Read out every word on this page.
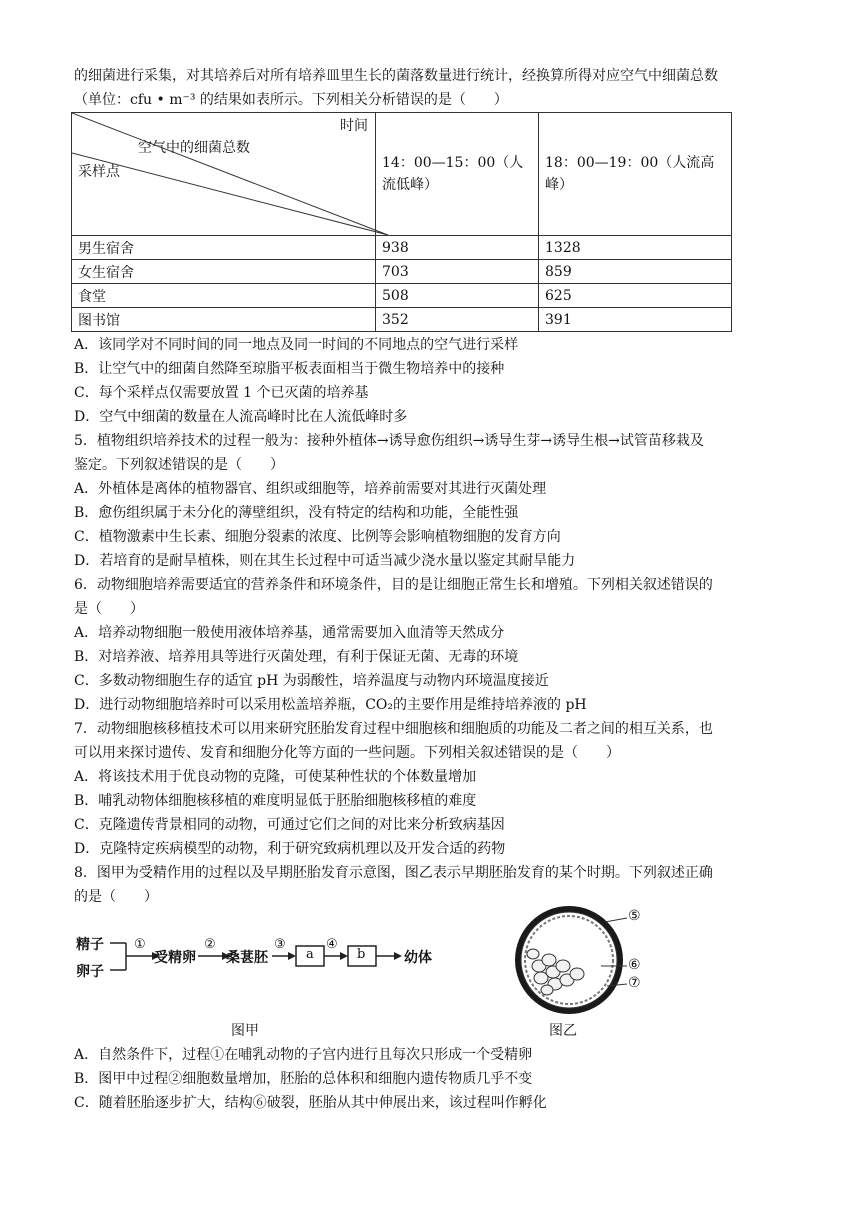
的细菌进行采集，对其培养后对所有培养皿里生长的菌落数量进行统计，经换算所得对应空气中细菌总数
（单位：cfu • m⁻³ 的结果如表所示。下列相关分析错误的是（　　）
时间
空气中的细菌总数
采样点	14：00—15：00（人流低峰）	18：00—19：00（人流高峰）

男生宿舍	938	1328
女生宿舍	703	859
食堂	508	625
图书馆	352	391
A．该同学对不同时间的同一地点及同一时间的不同地点的空气进行采样
B．让空气中的细菌自然降至琼脂平板表面相当于微生物培养中的接种
C．每个采样点仅需要放置 1 个已灭菌的培养基
D．空气中细菌的数量在人流高峰时比在人流低峰时多
5．植物组织培养技术的过程一般为：接种外植体→诱导愈伤组织→诱导生芽→诱导生根→试管苗移栽及
鉴定。下列叙述错误的是（　　）
A．外植体是离体的植物器官、组织或细胞等，培养前需要对其进行灭菌处理
B．愈伤组织属于未分化的薄壁组织，没有特定的结构和功能，全能性强
C．植物激素中生长素、细胞分裂素的浓度、比例等会影响植物细胞的发育方向
D．若培育的是耐旱植株，则在其生长过程中可适当减少浇水量以鉴定其耐旱能力
6．动物细胞培养需要适宜的营养条件和环境条件，目的是让细胞正常生长和增殖。下列相关叙述错误的
是（　　）
A．培养动物细胞一般使用液体培养基，通常需要加入血清等天然成分
B．对培养液、培养用具等进行灭菌处理，有利于保证无菌、无毒的环境
C．多数动物细胞生存的适宜 pH 为弱酸性，培养温度与动物内环境温度接近
D．进行动物细胞培养时可以采用松盖培养瓶，CO₂的主要作用是维持培养液的 pH
7．动物细胞核移植技术可以用来研究胚胎发育过程中细胞核和细胞质的功能及二者之间的相互关系，也
可以用来探讨遗传、发育和细胞分化等方面的一些问题。下列相关叙述错误的是（　　）
A．将该技术用于优良动物的克隆，可使某种性状的个体数量增加
B．哺乳动物体细胞核移植的难度明显低于胚胎细胞核移植的难度
C．克隆遗传背景相同的动物，可通过它们之间的对比来分析致病基因
D．克隆特定疾病模型的动物，利于研究致病机理以及开发合适的药物
8．图甲为受精作用的过程以及早期胚胎发育示意图，图乙表示早期胚胎发育的某个时期。下列叙述正确
的是（　　）
精子
卵子
①
受精卵
②
桑葚胚
③
a
④
b	幼体
图甲
⑤
⑥
⑦
图乙
A．自然条件下，过程①在哺乳动物的子宫内进行且每次只形成一个受精卵
B．图甲中过程②细胞数量增加，胚胎的总体积和细胞内遗传物质几乎不变
C．随着胚胎逐步扩大，结构⑥破裂，胚胎从其中伸展出来，该过程叫作孵化
